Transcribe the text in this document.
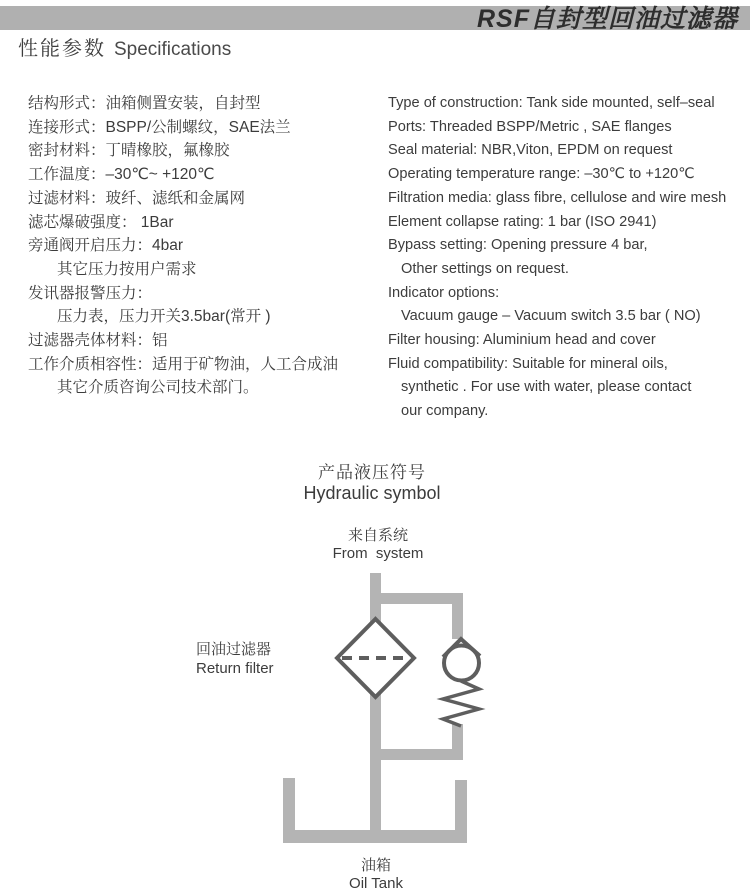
RSF自封型回油过滤器
性能参数 Specifications
结构形式：油箱侧置安装，自封型
连接形式：BSPP/公制螺纹，SAE法兰
密封材料：丁晴橡胶，氟橡胶
工作温度：–30℃~ +120℃
过滤材料：玻纤、滤纸和金属网
滤芯爆破强度： 1Bar
旁通阀开启压力：4bar
其它压力按用户需求
发讯器报警压力：
压力表，压力开关3.5bar(常开 )
过滤器壳体材料：铝
工作介质相容性：适用于矿物油，人工合成油
其它介质咨询公司技术部门。
Type of construction: Tank side mounted, self–seal
Ports: Threaded BSPP/Metric , SAE flanges
Seal material: NBR,Viton, EPDM on request
Operating temperature range: –30℃ to +120℃
Filtration media: glass fibre, cellulose and wire mesh
Element collapse rating: 1 bar (ISO 2941)
Bypass setting: Opening pressure 4 bar,
Other settings on request.
Indicator options:
Vacuum gauge – Vacuum switch 3.5 bar ( NO)
Filter housing: Aluminium head and cover
Fluid compatibility: Suitable for mineral oils,
synthetic . For use with water, please contact
our company.
产品液压符号
Hydraulic symbol
来自系统
From  system
回油过滤器
Return filter
油箱
Oil Tank
